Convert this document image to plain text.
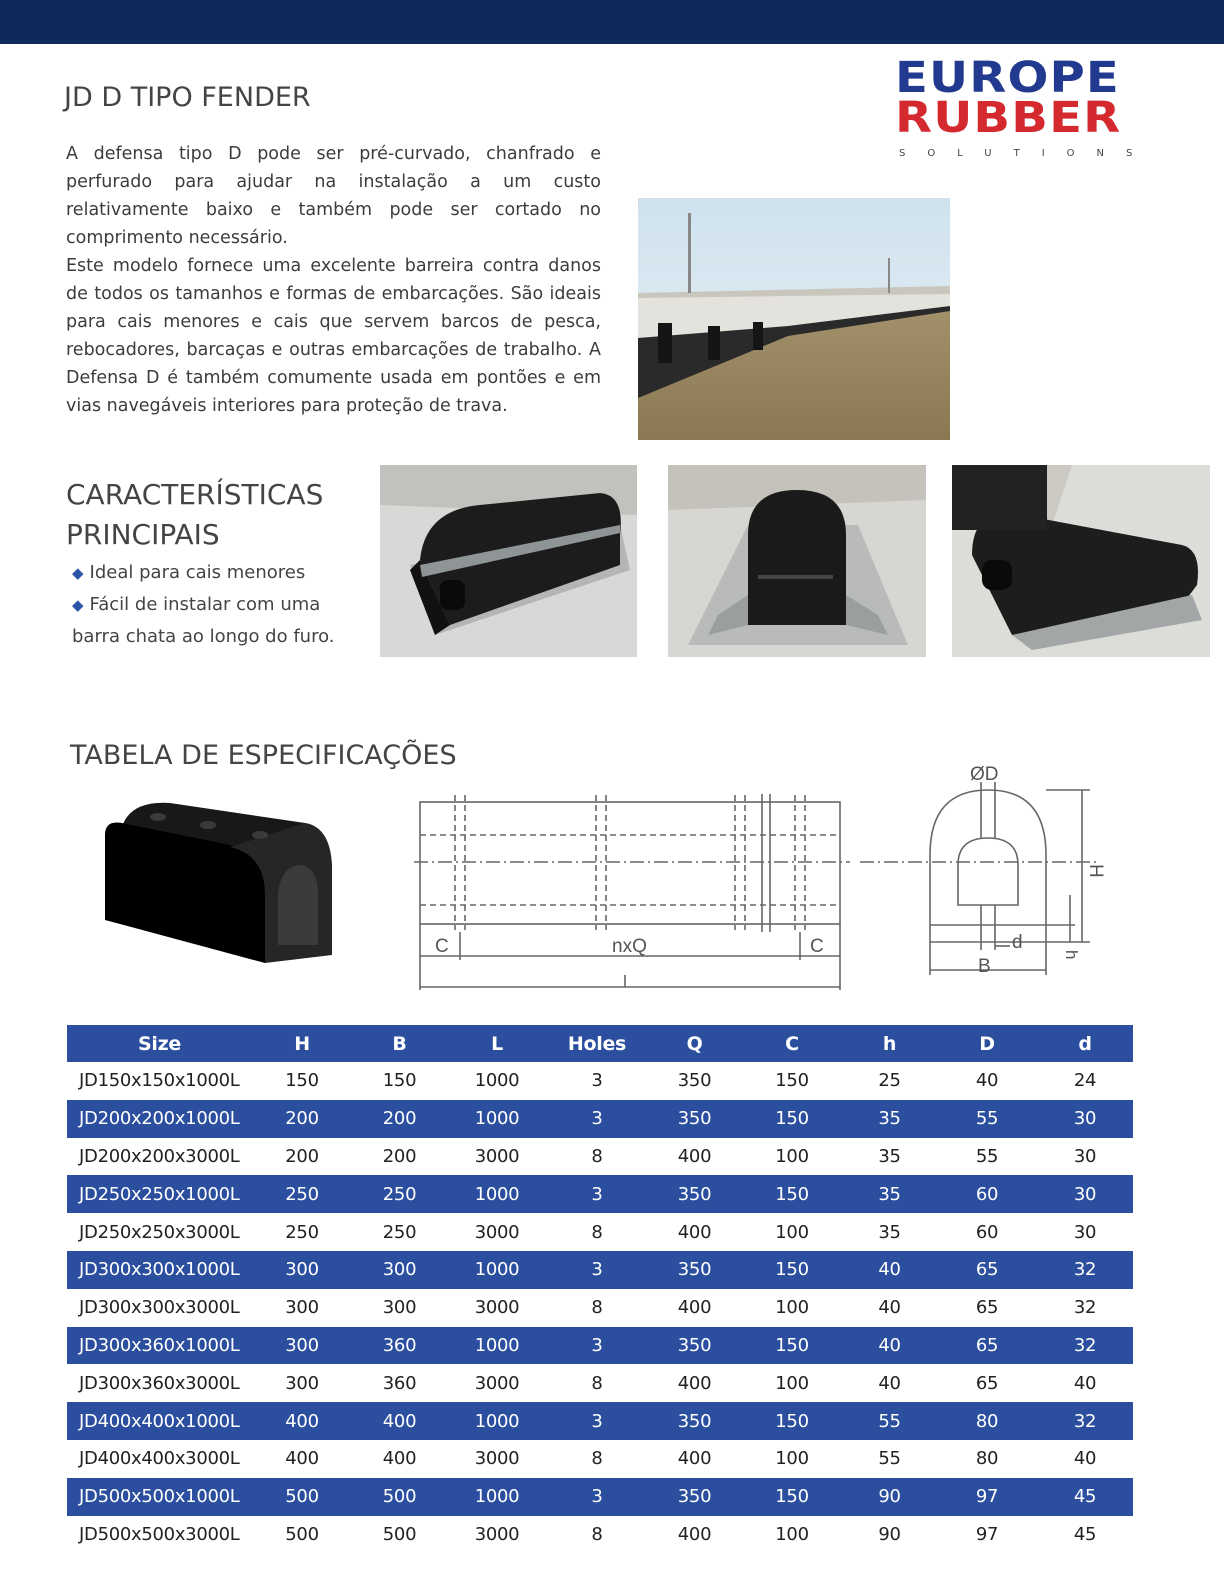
EUROPE
RUBBER
SOLUTIONS
JD D TIPO FENDER

A defensa tipo D pode ser pré-curvado, chanfrado e perfurado para ajudar na instalação a um custo relativamente baixo e também pode ser cortado no comprimento necessário.

Este modelo fornece uma excelente barreira contra danos de todos os tamanhos e formas de embarcações. São ideais para cais menores e cais que servem barcos de pesca, rebocadores, barcaças e outras embarcações de trabalho. A Defensa D é também comumente usada em pontões e em vias navegáveis interiores para proteção de trava.

CARACTERÍSTICAS
PRINCIPAIS
◆ Ideal para cais menores
◆ Fácil de instalar com uma barra chata ao longo do furo.
TABELA DE ESPECIFICAÇÕES
C	nxQ	C
ØD
H
d
h
B
Size	H	B	L	Holes	Q	C	h	D	d
JD150x150x1000L	150	150	1000	3	350	150	25	40	24
JD200x200x1000L	200	200	1000	3	350	150	35	55	30
JD200x200x3000L	200	200	3000	8	400	100	35	55	30
JD250x250x1000L	250	250	1000	3	350	150	35	60	30
JD250x250x3000L	250	250	3000	8	400	100	35	60	30
JD300x300x1000L	300	300	1000	3	350	150	40	65	32
JD300x300x3000L	300	300	3000	8	400	100	40	65	32
JD300x360x1000L	300	360	1000	3	350	150	40	65	32
JD300x360x3000L	300	360	3000	8	400	100	40	65	40
JD400x400x1000L	400	400	1000	3	350	150	55	80	32
JD400x400x3000L	400	400	3000	8	400	100	55	80	40
JD500x500x1000L	500	500	1000	3	350	150	90	97	45
JD500x500x3000L	500	500	3000	8	400	100	90	97	45
